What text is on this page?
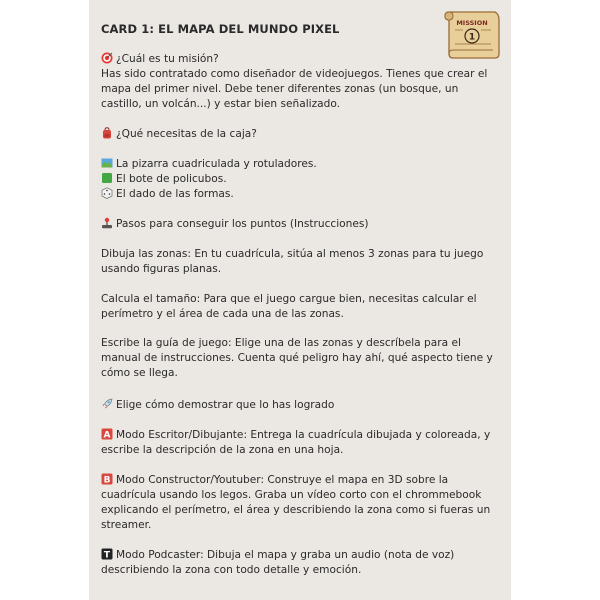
CARD 1: EL MAPA DEL MUNDO PIXEL	MISSION
1
¿Cuál es tu misión?
Has sido contratado como diseñador de videojuegos. Tienes que crear el
mapa del primer nivel. Debe tener diferentes zonas (un bosque, un
castillo, un volcán...) y estar bien señalizado.
¿Qué necesitas de la caja?
La pizarra cuadriculada y rotuladores.
El bote de policubos.
El dado de las formas.
Pasos para conseguir los puntos (Instrucciones)
Dibuja las zonas: En tu cuadrícula, sitúa al menos 3 zonas para tu juego
usando figuras planas.
Calcula el tamaño: Para que el juego cargue bien, necesitas calcular el
perímetro y el área de cada una de las zonas.
Escribe la guía de juego: Elige una de las zonas y descríbela para el
manual de instrucciones. Cuenta qué peligro hay ahí, qué aspecto tiene y
cómo se llega.
Elige cómo demostrar que lo has logrado
A Modo Escritor/Dibujante: Entrega la cuadrícula dibujada y coloreada, y
escribe la descripción de la zona en una hoja.
B Modo Constructor/Youtuber: Construye el mapa en 3D sobre la
cuadrícula usando los legos. Graba un vídeo corto con el chrommebook
explicando el perímetro, el área y describiendo la zona como si fueras un
streamer.
T Modo Podcaster: Dibuja el mapa y graba un audio (nota de voz)
describiendo la zona con todo detalle y emoción.
